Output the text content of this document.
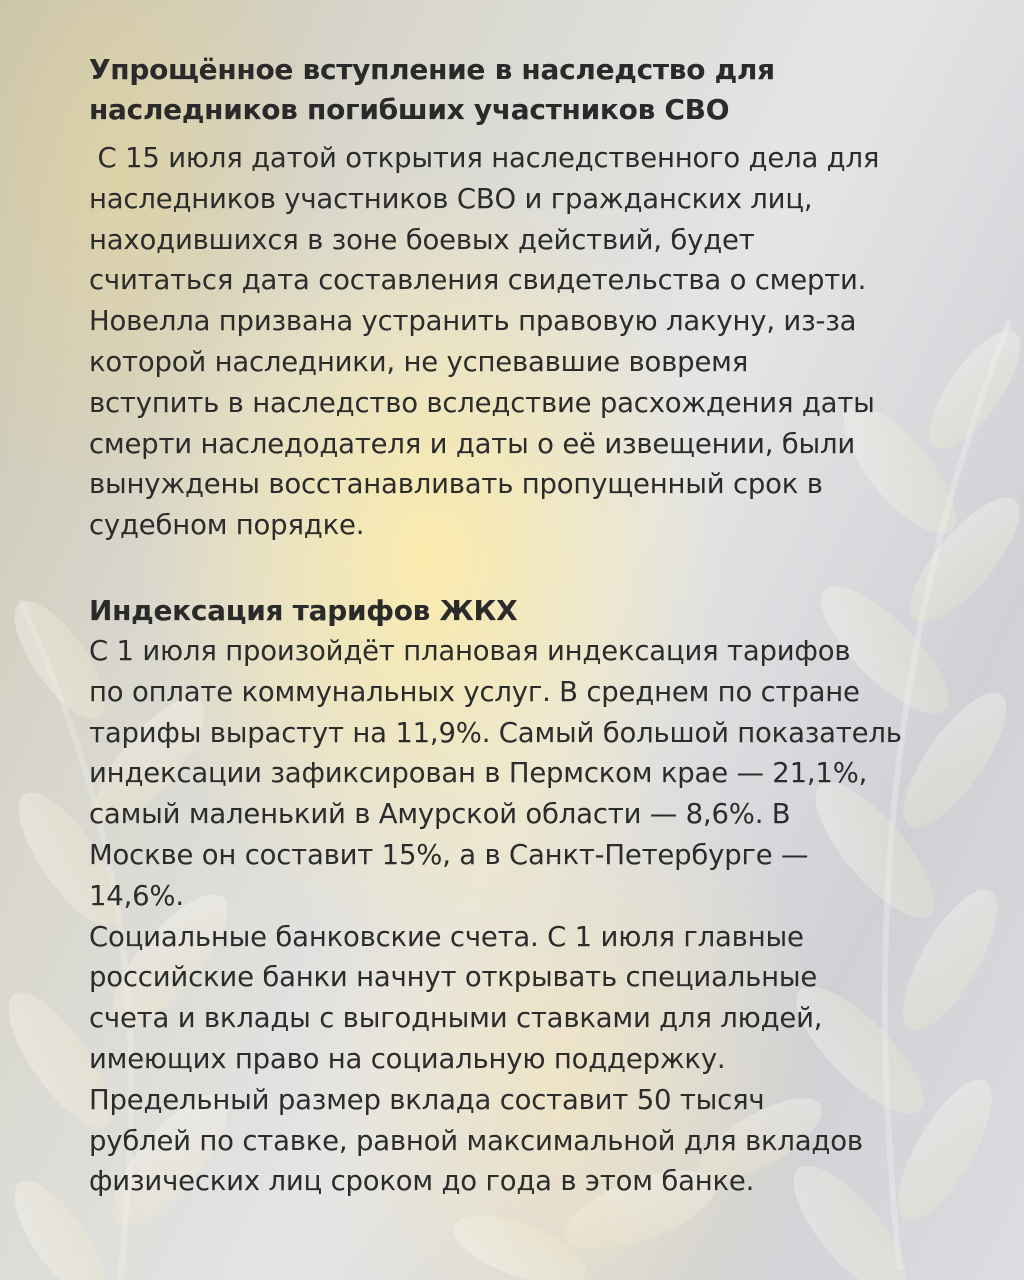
Упрощённое вступление в наследство для
наследников погибших участников СВО

С 15 июля датой открытия наследственного дела для
наследников участников СВО и гражданских лиц,
находившихся в зоне боевых действий, будет
считаться дата составления свидетельства о смерти.
Новелла призвана устранить правовую лакуну, из-за
которой наследники, не успевавшие вовремя
вступить в наследство вследствие расхождения даты
смерти наследодателя и даты о её извещении, были
вынуждены восстанавливать пропущенный срок в
судебном порядке.

Индексация тарифов ЖКХ

С 1 июля произойдёт плановая индексация тарифов
по оплате коммунальных услуг. В среднем по стране
тарифы вырастут на 11,9%. Самый большой показатель
индексации зафиксирован в Пермском крае — 21,1%,
самый маленький в Амурской области — 8,6%. В
Москве он составит 15%, а в Санкт-Петербурге —
14,6%.
Социальные банковские счета. С 1 июля главные
российские банки начнут открывать специальные
счета и вклады с выгодными ставками для людей,
имеющих право на социальную поддержку.
Предельный размер вклада составит 50 тысяч
рублей по ставке, равной максимальной для вкладов
физических лиц сроком до года в этом банке.
